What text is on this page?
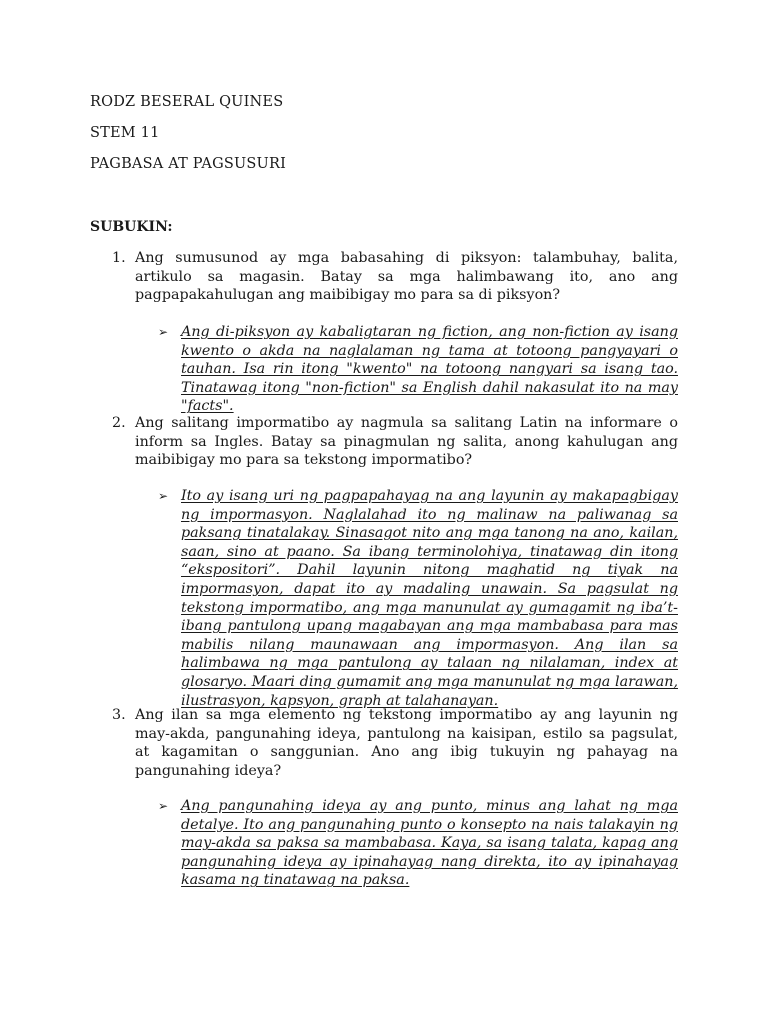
RODZ BESERAL QUINES
STEM 11
PAGBASA AT PAGSUSURI
SUBUKIN:
1. Ang sumusunod ay mga babasahing di piksyon: talambuhay, balita, artikulo sa magasin. Batay sa mga halimbawang ito, ano ang pagpapakahulugan ang maibibigay mo para sa di piksyon?
➢ Ang di-piksyon ay kabaligtaran ng fiction, ang non-fiction ay isang kwento o akda na naglalaman ng tama at totoong pangyayari o tauhan. Isa rin itong "kwento" na totoong nangyari sa isang tao. Tinatawag itong "non-fiction" sa English dahil nakasulat ito na may "facts".
2. Ang salitang impormatibo ay nagmula sa salitang Latin na informare o inform sa Ingles. Batay sa pinagmulan ng salita, anong kahulugan ang maibibigay mo para sa tekstong impormatibo?
➢ Ito ay isang uri ng pagpapahayag na ang layunin ay makapagbigay ng impormasyon. Naglalahad ito ng malinaw na paliwanag sa paksang tinatalakay. Sinasagot nito ang mga tanong na ano, kailan, saan, sino at paano. Sa ibang terminolohiya, tinatawag din itong “ekspositori”. Dahil layunin nitong maghatid ng tiyak na impormasyon, dapat ito ay madaling unawain. Sa pagsulat ng tekstong impormatibo, ang mga manunulat ay gumagamit ng iba’t-ibang pantulong upang magabayan ang mga mambabasa para mas mabilis nilang maunawaan ang impormasyon. Ang ilan sa halimbawa ng mga pantulong ay talaan ng nilalaman, index at glosaryo. Maari ding gumamit ang mga manunulat ng mga larawan, ilustrasyon, kapsyon, graph at talahanayan.
3. Ang ilan sa mga elemento ng tekstong impormatibo ay ang layunin ng may-akda, pangunahing ideya, pantulong na kaisipan, estilo sa pagsulat, at kagamitan o sanggunian. Ano ang ibig tukuyin ng pahayag na pangunahing ideya?
➢ Ang pangunahing ideya ay ang punto, minus ang lahat ng mga detalye. Ito ang pangunahing punto o konsepto na nais talakayin ng may-akda sa paksa sa mambabasa. Kaya, sa isang talata, kapag ang pangunahing ideya ay ipinahayag nang direkta, ito ay ipinahayag kasama ng tinatawag na paksa.
